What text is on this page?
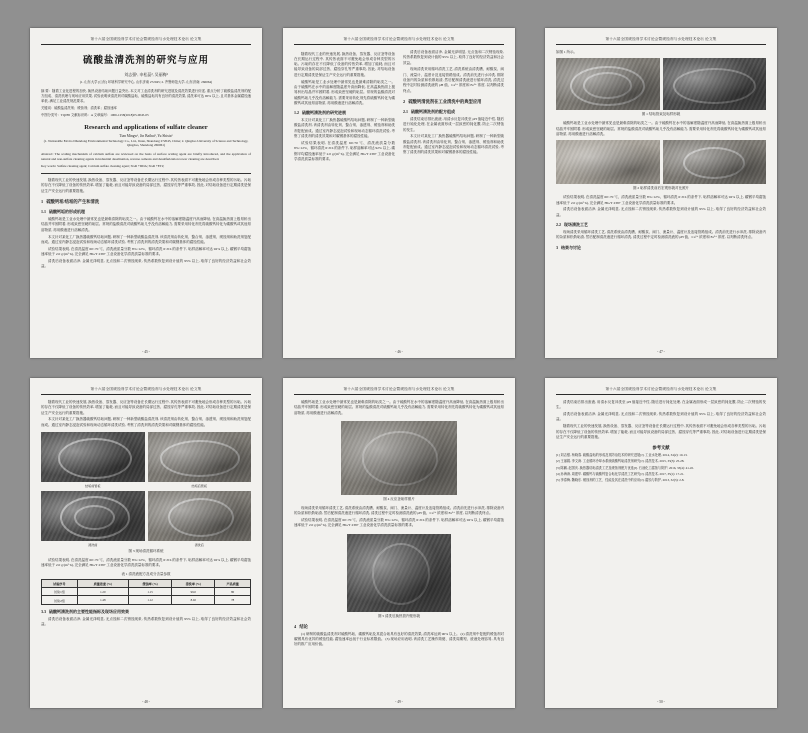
第十六届全国缓蚀剂学术讨论会暨缓蚀剂与水处理技术论坛 论文集
硫酸盐清洗剂的研究与应用
刘志强¹, 申松蕊², 吴丽梅²
(1. 山东大学 [山东] 环境科学研究中心, 山东济南 272045; 2. 齐鲁师范大学, 山东济南; 266064)
摘 要：随着工业化进程的加快, 换热设备结垢问题日益突出, 本文对工业清洗剂的研究进展及清洗效果进行综述, 重点分析了硫酸盐清洗剂的配方组成、清洗机理与现场应用效果, 试验表明该清洗剂对碳酸盐垢、硫酸盐垢具有良好的清洗效果, 清洗率可达 90% 以上, 且对基体金属腐蚀速率低, 满足工业清洗规范要求。
关键词：硫酸盐清洗剂；缓蚀剂；清洗率；腐蚀速率
中图分类号：TQ085 文献标识码：A 文章编号：1006-1258(2018)05-0045-05
Research and applications of sulfate cleaner
Tian Mingw¹, Jin Baihui², Yu Shixia²
(1. Nationallle Enviro Dhandong Environmental Technology Co., Ltd., Jinan, Shandong 272045, China; 2. Qingdao University of Science and Technology, Qingdao, Shandong 266061)
Abstract: The scaling mechanism of calcium sulfate are reviewed on the basis of surface scaling agent are briefly introduced, and the application of natural and non-sulfate cleaning agents in industrial desalination, reverse osmosis and desulfurization tower cleaning are described.
Key words: Sulfate cleaning agent; Calcium sulfate cleaning agent; SGR +DDA; SGR +ET2;
随着现代工业的快速发展, 换热设备、蒸发器、反应釜等设备在长期运行过程中, 其传热表面不可避免地会形成各种类型的污垢。污垢的存在不仅降低了设备的传热效率, 增加了能耗, 而且可能导致设备的局部过热、腐蚀穿孔等严重事故, 因此, 对结垢设备进行定期清洗是保证生产安全运行的重要措施。
1 硫酸钙垢/结垢的产生和清洗
1.1 硫酸钙垢的形成机理
硫酸钙垢是工业水处理中最常见也是最难清除的垢类之一。由于硫酸钙在水中的溶解度随温度升高而降低, 在高温换热面上极易析出结晶并牢固附着, 形成致密坚硬的垢层。常规的盐酸清洗对硫酸钙垢几乎没有溶解能力, 需要采用转化剂先将硫酸钙转化为碳酸钙或其他易溶物质, 再用酸液进行溶解清洗。
本文针对某化工厂换热器硫酸钙结垢问题, 研制了一种新型硫酸盐清洗剂, 该清洗剂由转化剂、螯合剂、渗透剂、缓蚀剂和助洗剂复配而成。通过室内静态浸泡试验和现场动态循环清洗试验, 考察了清洗剂的清洗效果和对碳钢基体的腐蚀性能。
试验结果表明, 在清洗温度 60~70 ℃、清洗液质量分数 8%~12%、循环清洗 6~8 h 的条件下, 垢样溶解率可达 92% 以上, 碳钢平均腐蚀速率低于 2.0 g/(m²·h), 完全满足 HG/T 2387 工业设备化学清洗质量标准的要求。
清洗后设备表面洁净, 金属光泽明显, 无点蚀和二次锈蚀现象, 传热系数恢复到设计值的 95% 以上, 取得了良好的经济效益和社会效益。
- 45 -
第十六届全国缓蚀剂学术讨论会暨缓蚀剂与水处理技术论坛 论文集
随着现代工业的快速发展, 换热设备、蒸发器、反应釜等设备在长期运行过程中, 其传热表面不可避免地会形成各种类型的污垢。污垢的存在不仅降低了设备的传热效率, 增加了能耗, 而且可能导致设备的局部过热、腐蚀穿孔等严重事故, 因此, 对结垢设备进行定期清洗是保证生产安全运行的重要措施。
硫酸钙垢是工业水处理中最常见也是最难清除的垢类之一。由于硫酸钙在水中的溶解度随温度升高而降低, 在高温换热面上极易析出结晶并牢固附着, 形成致密坚硬的垢层。常规的盐酸清洗对硫酸钙垢几乎没有溶解能力, 需要采用转化剂先将硫酸钙转化为碳酸钙或其他易溶物质, 再用酸液进行溶解清洗。
1.2 硫酸钙清洗剂的研究进展
本文针对某化工厂换热器硫酸钙结垢问题, 研制了一种新型硫酸盐清洗剂, 该清洗剂由转化剂、螯合剂、渗透剂、缓蚀剂和助洗剂复配而成。通过室内静态浸泡试验和现场动态循环清洗试验, 考察了清洗剂的清洗效果和对碳钢基体的腐蚀性能。
试验结果表明, 在清洗温度 60~70 ℃、清洗液质量分数 8%~12%、循环清洗 6~8 h 的条件下, 垢样溶解率可达 92% 以上, 碳钢平均腐蚀速率低于 2.0 g/(m²·h), 完全满足 HG/T 2387 工业设备化学清洗质量标准的要求。
清洗后设备表面洁净, 金属光泽明显, 无点蚀和二次锈蚀现象, 传热系数恢复到设计值的 95% 以上, 取得了良好的经济效益和社会效益。
现场清洗采用循环清洗工艺, 清洗系统由清洗槽、耐酸泵、阀门、流量计、温度计及连接管路组成。清洗前先进行水冲洗, 排除设备内的杂质和松散垢渣, 然后配制清洗液进行循环清洗, 清洗过程中定时检测清洗液的 pH 值、Ca²⁺ 浓度和 Fe³⁺ 浓度, 以判断清洗终点。
2 硫酸钙清洗剂在工业清洗中的典型应用
2.1 硫酸钙清洗剂的配方组成
清洗结束后排出废液, 用清水反复冲洗至 pH 值接近中性, 随后进行钝化处理, 在金属表面形成一层致密的钝化膜, 防止二次锈蚀的发生。
本文针对某化工厂换热器硫酸钙结垢问题, 研制了一种新型硫酸盐清洗剂, 该清洗剂由转化剂、螯合剂、渗透剂、缓蚀剂和助洗剂复配而成。通过室内静态浸泡试验和现场动态循环清洗试验, 考察了清洗剂的清洗效果和对碳钢基体的腐蚀性能。
- 46 -
第十六届全国缓蚀剂学术讨论会暨缓蚀剂与水处理技术论坛 论文集
如图 1 所示。
图 1 结垢管束及垢样形貌
硫酸钙垢是工业水处理中最常见也是最难清除的垢类之一。由于硫酸钙在水中的溶解度随温度升高而降低, 在高温换热面上极易析出结晶并牢固附着, 形成致密坚硬的垢层。常规的盐酸清洗对硫酸钙垢几乎没有溶解能力, 需要采用转化剂先将硫酸钙转化为碳酸钙或其他易溶物质, 再用酸液进行溶解清洗。
图 2 垢样清洗前后宏观形貌对比照片
试验结果表明, 在清洗温度 60~70 ℃、清洗液质量分数 8%~12%、循环清洗 6~8 h 的条件下, 垢样溶解率可达 92% 以上, 碳钢平均腐蚀速率低于 2.0 g/(m²·h), 完全满足 HG/T 2387 工业设备化学清洗质量标准的要求。
清洗后设备表面洁净, 金属光泽明显, 无点蚀和二次锈蚀现象, 传热系数恢复到设计值的 95% 以上, 取得了良好的经济效益和社会效益。
2.2 现场清洗工艺
现场清洗采用循环清洗工艺, 清洗系统由清洗槽、耐酸泵、阀门、流量计、温度计及连接管路组成。清洗前先进行水冲洗, 排除设备内的杂质和松散垢渣, 然后配制清洗液进行循环清洗, 清洗过程中定时检测清洗液的 pH 值、Ca²⁺ 浓度和 Fe³⁺ 浓度, 以判断清洗终点。
3 结果与讨论
- 47 -
第十六届全国缓蚀剂学术讨论会暨缓蚀剂与水处理技术论坛 论文集
随着现代工业的快速发展, 换热设备、蒸发器、反应釜等设备在长期运行过程中, 其传热表面不可避免地会形成各种类型的污垢。污垢的存在不仅降低了设备的传热效率, 增加了能耗, 而且可能导致设备的局部过热、腐蚀穿孔等严重事故, 因此, 对结垢设备进行定期清洗是保证生产安全运行的重要措施。
本文针对某化工厂换热器硫酸钙结垢问题, 研制了一种新型硫酸盐清洗剂, 该清洗剂由转化剂、螯合剂、渗透剂、缓蚀剂和助洗剂复配而成。通过室内静态浸泡试验和现场动态循环清洗试验, 考察了清洗剂的清洗效果和对碳钢基体的腐蚀性能。
结垢前管板	结垢后管板
清洗前	清洗后
图 3 现场清洗循环系统
试验结果表明, 在清洗温度 60~70 ℃、清洗液质量分数 8%~12%、循环清洗 6~8 h 的条件下, 垢样溶解率可达 92% 以上, 碳钢平均腐蚀速率低于 2.0 g/(m²·h), 完全满足 HG/T 2387 工业设备化学清洗质量标准的要求。
表 1 清洗液配方及成分含量参数
试验序号	质量浓度 (%)	缓蚀率 (%)	清洗率 (%)	产品质量
试验1组	1.20	1.15	99.0	80
试验2组	1.48	1.12	8.02	78
3.3 硫酸钙清洗剂的主要性能指标及现场应用效果
清洗后设备表面洁净, 金属光泽明显, 无点蚀和二次锈蚀现象, 传热系数恢复到设计值的 95% 以上, 取得了良好的经济效益和社会效益。
- 48 -
第十六届全国缓蚀剂学术讨论会暨缓蚀剂与水处理技术论坛 论文集
硫酸钙垢是工业水处理中最常见也是最难清除的垢类之一。由于硫酸钙在水中的溶解度随温度升高而降低, 在高温换热面上极易析出结晶并牢固附着, 形成致密坚硬的垢层。常规的盐酸清洗对硫酸钙垢几乎没有溶解能力, 需要采用转化剂先将硫酸钙转化为碳酸钙或其他易溶物质, 再用酸液进行溶解清洗。
图 4 反应釜垢样照片
现场清洗采用循环清洗工艺, 清洗系统由清洗槽、耐酸泵、阀门、流量计、温度计及连接管路组成。清洗前先进行水冲洗, 排除设备内的杂质和松散垢渣, 然后配制清洗液进行循环清洗, 清洗过程中定时检测清洗液的 pH 值、Ca²⁺ 浓度和 Fe³⁺ 浓度, 以判断清洗终点。
试验结果表明, 在清洗温度 60~70 ℃、清洗液质量分数 8%~12%、循环清洗 6~8 h 的条件下, 垢样溶解率可达 92% 以上, 碳钢平均腐蚀速率低于 2.0 g/(m²·h), 完全满足 HG/T 2387 工业设备化学清洗质量标准的要求。
图 5 清洗后换热管内壁形貌
4 结论
(1) 研制的硫酸盐清洗剂对硫酸钙垢、碳酸钙垢及其混合垢具有良好的清洗效果, 清洗率达到 90% 以上。 (2) 清洗剂中复配的缓蚀剂对碳钢具有优异的缓蚀性能, 腐蚀速率远低于行业标准限值。 (3) 现场应用表明, 该清洗工艺操作简便、清洗周期短、废液处理容易, 具有良好的推广应用价值。
- 49 -
第十六届全国缓蚀剂学术讨论会暨缓蚀剂与水处理技术论坛 论文集
清洗结束后排出废液, 用清水反复冲洗至 pH 值接近中性, 随后进行钝化处理, 在金属表面形成一层致密的钝化膜, 防止二次锈蚀的发生。
清洗后设备表面洁净, 金属光泽明显, 无点蚀和二次锈蚀现象, 传热系数恢复到设计值的 95% 以上, 取得了良好的经济效益和社会效益。
随着现代工业的快速发展, 换热设备、蒸发器、反应釜等设备在长期运行过程中, 其传热表面不可避免地会形成各种类型的污垢。污垢的存在不仅降低了设备的传热效率, 增加了能耗, 而且可能导致设备的局部过热、腐蚀穿孔等严重事故, 因此, 对结垢设备进行定期清洗是保证生产安全运行的重要措施。
参考文献
[1] 刘志强, 杨晓春. 硫酸盐垢的形成及其防治技术的研究进展[J]. 工业水处理, 2014, 34(2): 10-13.
[2] 王丽娟, 李文涛. 工业循环冷却水系统硫酸钙垢清洗剂研究[J]. 清洗技术, 2015, 33(5): 25-28.
[3] 陈鹏, 赵国庆. 换热器结垢清洗工艺及缓蚀剂配方优选[J]. 石油化工腐蚀与防护, 2016, 33(4): 41-45.
[4] 孙海涛, 周建华. 碳酸钙与硫酸钙复合垢化学清洗工艺研究[J]. 清洗技术, 2017, 35(1): 17-21.
[5] 李春梅, 魏晓东. 缓蚀剂的工艺、性能及其在清洗中的应用[J]. 腐蚀与防护, 2013, 32(3): 2-8.
- 50 -
